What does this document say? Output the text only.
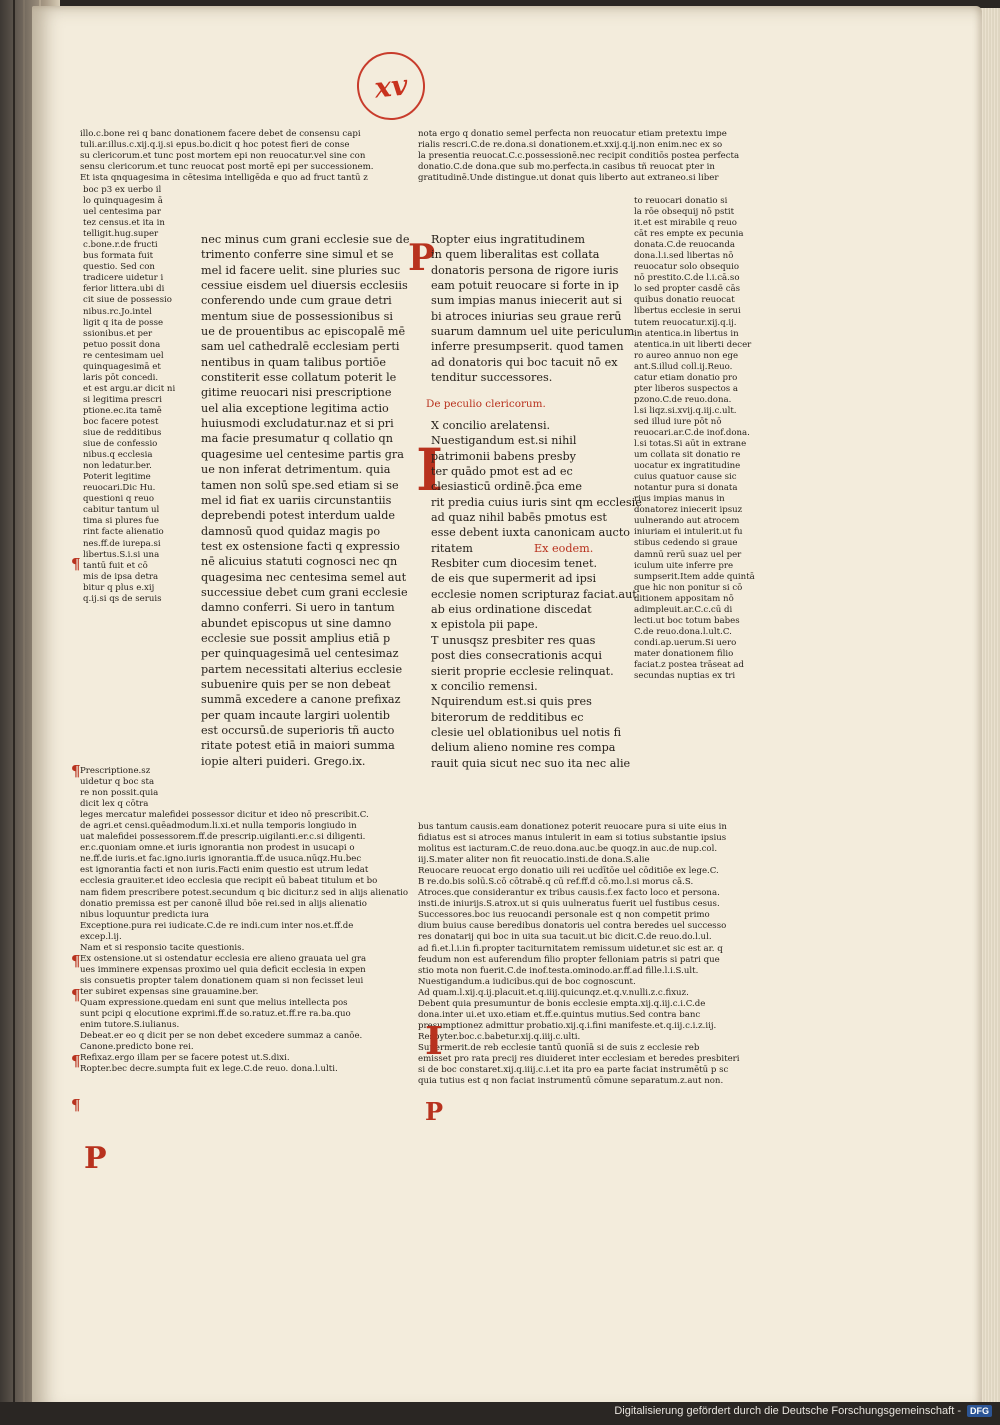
xv
illo.c.bone rei q banc donationem facere debet de consensu capi
tuli.ar.illus.c.xij.q.ij.si epus.bo.dicit q hoc potest fieri de conse
su clericorum.et tunc post mortem epi non reuocatur.vel sine con
sensu clericorum.et tunc reuocat post mortē epi per successionem.
Et ista qnquagesima in cētesima intelligēda e quo ad fruct tantū z
nota ergo q donatio semel perfecta non reuocatur etiam pretextu impe
rialis rescri.C.de re.dona.si donationem.et.xxij.q.ij.non enim.nec ex so
la presentia reuocat.C.c.possessionē.nec recipit conditiōs postea perfecta
donatio.C.de dona.que sub mo.perfecta.in casibus tñ reuocat pter in
gratitudinē.Unde distingue.ut donat quis liberto aut extraneo.si liber
boc p3 ex uerbo il
lo quinquagesim ā
uel centesima par
tez census.et ita in
telligit.hug.super
c.bone.r.de fructi
bus formata fuit
questio. Sed con
tradicere uidetur i
ferior littera.ubi di
cit siue de possessio
nibus.rc.Jo.intel
ligit q ita de posse
ssionibus.et per
petuo possit dona
re centesimam uel
quinquagesimā et
laris pōt concedi.
et est argu.ar dicit ni
si legitima prescri
ptione.ec.ita tamē
boc facere potest
siue de redditibus
siue de confessio
nibus.q ecclesia
non ledatur.ber.
Poterit legitime
reuocari.Dic Hu.
questioni q reuo
cabitur tantum ul
tima si plures fue
rint facte alienatio
nes.ff.de iurepa.si
libertus.S.i.si una
tantū fuit et cō
mis de ipsa detra
bitur q plus e.xij
q.ij.si qs de seruis
nec minus cum grani ecclesie sue de
trimento conferre sine simul et se
mel id facere uelit. sine pluries suc
cessiue eisdem uel diuersis ecclesiis
conferendo unde cum graue detri
mentum siue de possessionibus si
ue de prouentibus ac episcopalē mē
sam uel cathedralē ecclesiam perti
nentibus in quam talibus portiōe
constiterit esse collatum poterit le
gitime reuocari nisi prescriptione
uel alia exceptione legitima actio
huiusmodi excludatur.naz et si pri
ma facie presumatur q collatio qn
quagesime uel centesime partis gra
ue non inferat detrimentum. quia
tamen non solū spe.sed etiam si se
mel id fiat ex uariis circunstantiis
deprebendi potest interdum ualde
damnosū quod quidaz magis po
test ex ostensione facti q expressio
nē alicuius statuti cognosci nec qn
quagesima nec centesima semel aut
successiue debet cum grani ecclesie
damno conferri. Si uero in tantum
abundet episcopus ut sine damno
ecclesie sue possit amplius etiā p
per quinquagesimā uel centesimaz
partem necessitati alterius ecclesie
subuenire quis per se non debeat
summā excedere a canone prefixaz
per quam incaute largiri uolentib
est occursū.de superioris tñ aucto
ritate potest etiā in maiori summa
iopie alteri puideri. Grego.ix.
P
Ropter eius ingratitudinem
in quem liberalitas est collata
donatoris persona de rigore iuris
eam potuit reuocare si forte in ip
sum impias manus iniecerit aut si
bi atroces iniurias seu graue rerū
suarum damnum uel uite periculum
inferre presumpserit. quod tamen
ad donatoris qui boc tacuit nō ex
tenditur successores.
De peculio clericorum.
I
X concilio arelatensi.
Nuestigandum est.si nihil
patrimonii babens presby
ter quādo pmot est ad ec
clesiasticū ordinē.p̄ca eme
rit predia cuius iuris sint qm ecclesie
ad quaz nihil babēs pmotus est
esse debent iuxta canonicam aucto
ritatem
Resbiter cum diocesim tenet.
de eis que supermerit ad ipsi
ecclesie nomen scripturaz faciat.aut
ab eius ordinatione discedat
x epistola pii pape.
T unusqsz presbiter res quas
post dies consecrationis acqui
sierit proprie ecclesie relinquat.
x concilio remensi.
Nquirendum est.si quis pres
biterorum de redditibus ec
clesie uel oblationibus uel notis fi
delium alieno nomine res compa
rauit quia sicut nec suo ita nec alie
Ex eodem.
to reuocari donatio si
la rōe obsequij nō pstit
it.et est mirabile q reuo
cāt res empte ex pecunia
donata.C.de reuocanda
dona.l.i.sed libertas nō
reuocatur solo obsequio
nō prestito.C.de l.i.cā.so
lo sed propter casdē cās
quibus donatio reuocat
libertus ecclesie in serui
tutem reuocatur.xij.q.ij.
in atentica.in libertus in
atentica.in uit liberti decer
ro aureo annuo non ege
ant.S.illud coll.ij.Reuo.
catur etiam donatio pro
pter liberos suspectos a
pzono.C.de reuo.dona.
l.si liqz.si.xvij.q.iij.c.ult.
sed illud iure pōt nō
reuocari.ar.C.de inof.dona.
l.si totas.Si aūt in extrane
um collata sit donatio re
uocatur ex ingratitudine
cuius quatuor cause sic
notantur pura si donata
rius impias manus in
donatorez iniecerit ipsuz
uulnerando aut atrocem
iniuriam ei intulerit.ut fu
stibus cedendo si graue
damnū rerū suaz uel per
iculum uite inferre pre
sumpserit.Item adde quintā
que hic non ponitur si cō
ditionem appositam nō
adimpleuit.ar.C.c.cū di
lecti.ut boc totum babes
C.de reuo.dona.l.ult.C.
condi.ap.uerum.Si uero
mater donationem filio
faciat.z postea trāseat ad
secundas nuptias ex tri
Prescriptione.sz
uidetur q boc sta
re non possit.quia
dicit lex q cōtra
leges mercatur malefidei possessor dicitur et ideo nō prescribit.C.
de agri.et censi.quēadmodum.li.xi.et nulla temporis longiudo in
uat malefidei possessorem.ff.de prescrip.uigilanti.er.c.si diligenti.
er.c.quoniam omne.et iuris ignorantia non prodest in usucapi o
ne.ff.de iuris.et fac.igno.iuris ignorantia.ff.de usuca.nūqz.Hu.bec
est ignorantia facti et non iuris.Facti enim questio est utrum ledat
ecclesia grauiter.et ideo ecclesia que recipit eū babeat titulum et bo
nam fidem prescribere potest.secundum q bic dicitur.z sed in alijs alienatio
donatio premissa est per canonē illud bōe rei.sed in alijs alienatio
nibus loquuntur predicta iura
Exceptione.pura rei iudicate.C.de re indi.cum inter nos.et.ff.de
excep.l.ij.
Nam et si responsio tacite questionis.
Ex ostensione.ut si ostendatur ecclesia ere alieno grauata uel gra
ues imminere expensas proximo uel quia deficit ecclesia in expen
sis consuetis propter talem donationem quam si non fecisset leui
ter subiret expensas sine grauamine.ber.
Quam expressione.quedam eni sunt que melius intellecta pos
sunt pcipi q elocutione exprimi.ff.de so.ratuz.et.ff.re ra.ba.quo
enim tutore.S.iulianus.
Debeat.er eo q dicit per se non debet excedere summaz a canōe.
Canone.predicto bone rei.
Refixaz.ergo illam per se facere potest ut.S.dixi.
Ropter.bec decre.sumpta fuit ex lege.C.de reuo. dona.l.ulti.
bus tantum causis.eam donationez poterit reuocare pura si uite eius in
fidiatus est si atroces manus intulerit in eam si totius substantie ipsius
molitus est iacturam.C.de reuo.dona.auc.be quoqz.in auc.de nup.col.
iij.S.mater aliter non fit reuocatio.insti.de dona.S.alie
Reuocare reuocat ergo donatio uili rei ucdītōe uel cōditiōe ex lege.C.
B re.do.bis solū.S.cō cōtrabē.q cū ref.ff.d cō.mo.l.si morus cā.S.
Atroces.que considerantur ex tribus causis.f.ex facto loco et persona.
insti.de iniurijs.S.atrox.ut si quis uulneratus fuerit uel fustibus cesus.
Successores.boc ius reuocandi personale est q non competit primo
dium buius cause beredibus donatoris uel contra beredes uel successo
res donatarij qui boc in uita sua tacuit.ut bic dicit.C.de reuo.do.l.ul.
ad fi.et.l.i.in fi.propter taciturnitatem remissum uidetur.et sic est ar. q
feudum non est auferendum filio propter felloniam patris si patri que
stio mota non fuerit.C.de inof.testa.ominodo.ar.ff.ad fille.l.i.S.ult.
Nuestigandum.a iudicibus.qui de boc cognoscunt.
Ad quam.l.xij.q.ij.placuit.et.q.iiij.quicunqz.et.q.v.nulli.z.c.fixuz.
Debent quia presumuntur de bonis ecclesie empta.xij.q.iij.c.i.C.de
dona.inter ui.et uxo.etiam et.ff.e.quintus mutius.Sed contra banc
presumptionez admittur probatio.xij.q.i.fini manifeste.et.q.iij.c.i.z.iij.
Resbyter.boc.c.babetur.xij.q.iiij.c.ulti.
Supermerit.de reb ecclesie tantū quonīā si de suis z ecclesie reb
emisset pro rata precij res diuideret inter ecclesiam et beredes presbiteri
si de boc constaret.xij.q.iiij.c.i.et ita pro ea parte faciat instrumētū p sc
quia tutius est q non faciat instrumentū cōmune separatum.z.aut non.
¶
¶
¶
¶
¶
¶
P
I
P
Digitalisierung gefördert durch die Deutsche Forschungsgemeinschaft -	DFG
